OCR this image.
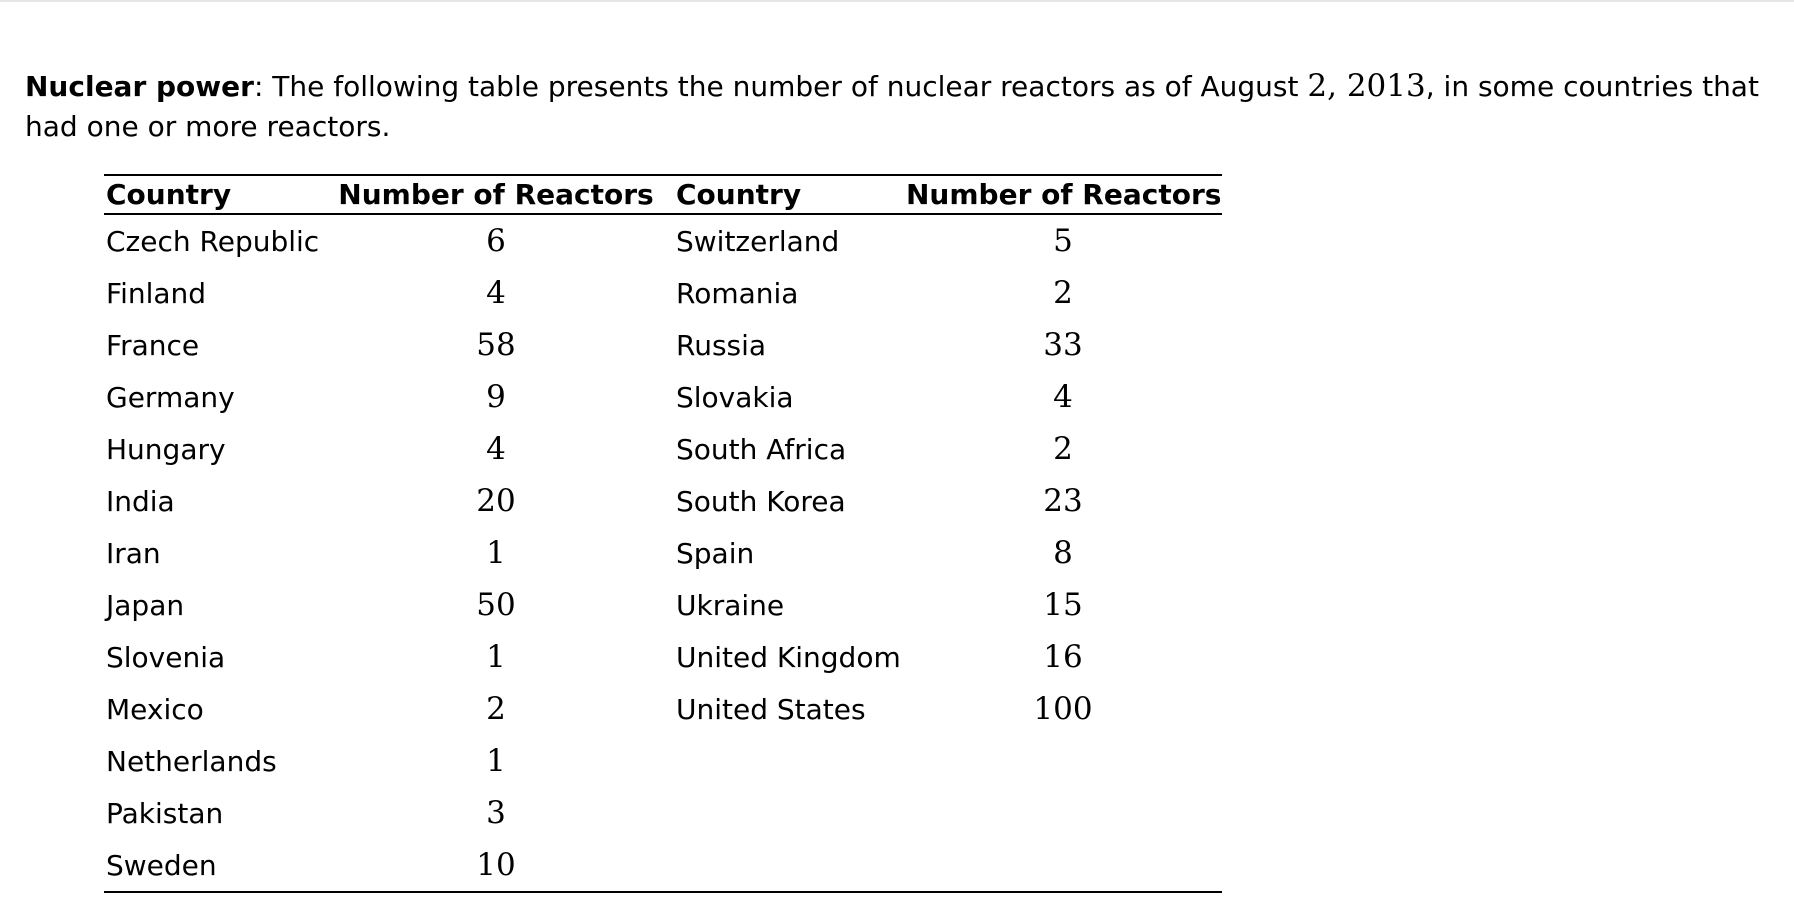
Nuclear power: The following table presents the number of nuclear reactors as of August 2, 2013, in some countries that had one or more reactors.

Country	Number of Reactors	Country	Number of Reactors
Czech Republic	6	Switzerland	5
Finland	4	Romania	2
France	58	Russia	33
Germany	9	Slovakia	4
Hungary	4	South Africa	2
India	20	South Korea	23
Iran	1	Spain	8
Japan	50	Ukraine	15
Slovenia	1	United Kingdom	16
Mexico	2	United States	100
Netherlands	1		
Pakistan	3		
Sweden	10		
